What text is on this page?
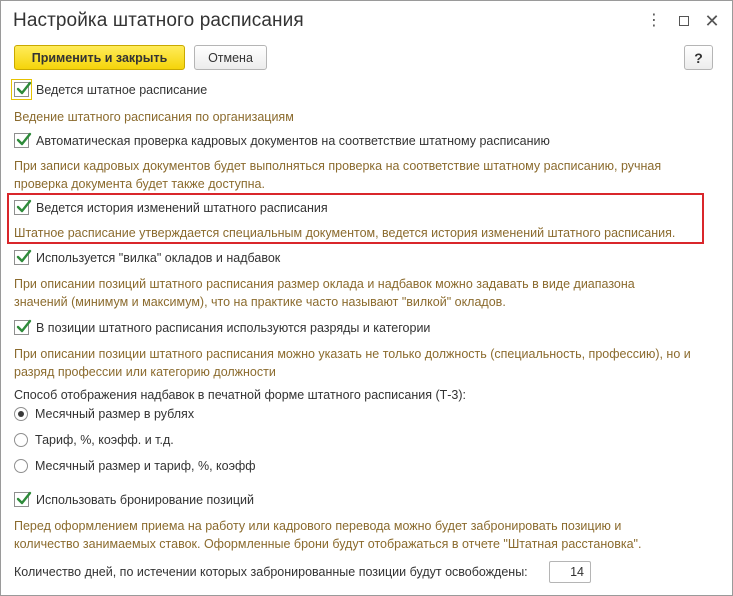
Настройка штатного расписания	⋮ ✕
Применить и закрыть	Отмена	?
Ведется штатное расписание
Ведение штатного расписания по организациям
Автоматическая проверка кадровых документов на соответствие штатному расписанию
При записи кадровых документов будет выполняться проверка на соответствие штатному расписанию, ручная
проверка документа будет также доступна.
Ведется история изменений штатного расписания
Штатное расписание утверждается специальным документом, ведется история изменений штатного расписания.
Используется "вилка" окладов и надбавок
При описании позиций штатного расписания размер оклада и надбавок можно задавать в виде диапазона
значений (минимум и максимум), что на практике часто называют "вилкой" окладов.
В позиции штатного расписания используются разряды и категории
При описании позиции штатного расписания можно указать не только должность (специальность, профессию), но и
разряд профессии или категорию должности
Способ отображения надбавок в печатной форме штатного расписания (Т-3):
Месячный размер в рублях
Тариф, %, коэфф. и т.д.
Месячный размер и тариф, %, коэфф
Использовать бронирование позиций
Перед оформлением приема на работу или кадрового перевода можно будет забронировать позицию и
количество занимаемых ставок. Оформленные брони будут отображаться в отчете "Штатная расстановка".
Количество дней, по истечении которых забронированные позиции будут освобождены:	14
